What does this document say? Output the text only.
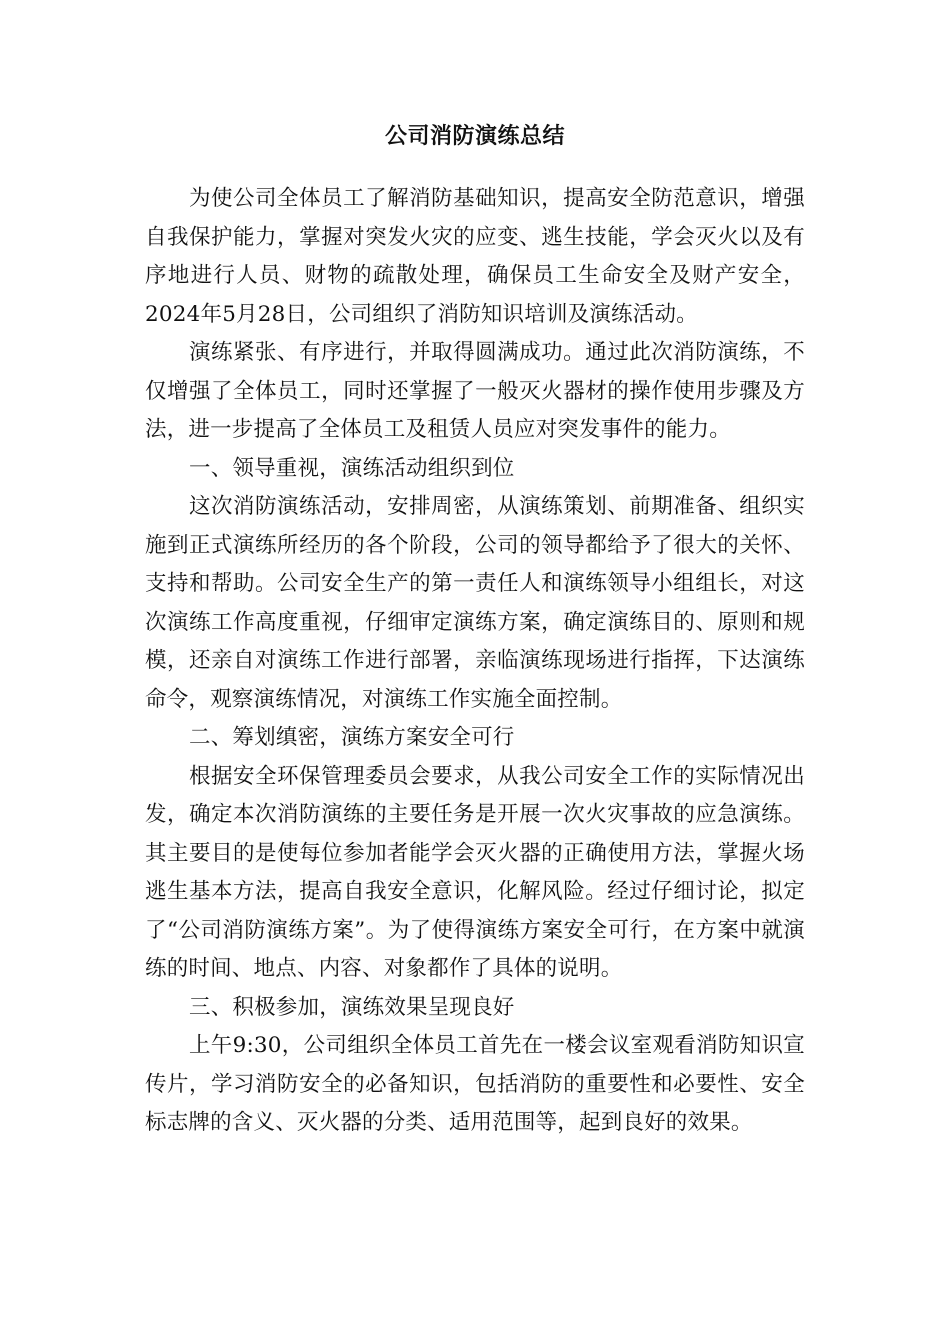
公司消防演练总结

为使公司全体员工了解消防基础知识，提高安全防范意识，增强自我保护能力，掌握对突发火灾的应变、逃生技能，学会灭火以及有序地进行人员、财物的疏散处理，确保员工生命安全及财产安全，2024年5月28日，公司组织了消防知识培训及演练活动。

演练紧张、有序进行，并取得圆满成功。通过此次消防演练，不仅增强了全体员工，同时还掌握了一般灭火器材的操作使用步骤及方法，进一步提高了全体员工及租赁人员应对突发事件的能力。

一、领导重视，演练活动组织到位

这次消防演练活动，安排周密，从演练策划、前期准备、组织实施到正式演练所经历的各个阶段，公司的领导都给予了很大的关怀、支持和帮助。公司安全生产的第一责任人和演练领导小组组长，对这次演练工作高度重视，仔细审定演练方案，确定演练目的、原则和规模，还亲自对演练工作进行部署，亲临演练现场进行指挥，下达演练命令，观察演练情况，对演练工作实施全面控制。

二、筹划缜密，演练方案安全可行

根据安全环保管理委员会要求，从我公司安全工作的实际情况出发，确定本次消防演练的主要任务是开展一次火灾事故的应急演练。其主要目的是使每位参加者能学会灭火器的正确使用方法，掌握火场逃生基本方法，提高自我安全意识，化解风险。经过仔细讨论，拟定了“公司消防演练方案”。为了使得演练方案安全可行，在方案中就演练的时间、地点、内容、对象都作了具体的说明。

三、积极参加，演练效果呈现良好

上午9:30，公司组织全体员工首先在一楼会议室观看消防知识宣传片，学习消防安全的必备知识，包括消防的重要性和必要性、安全标志牌的含义、灭火器的分类、适用范围等，起到良好的效果。
